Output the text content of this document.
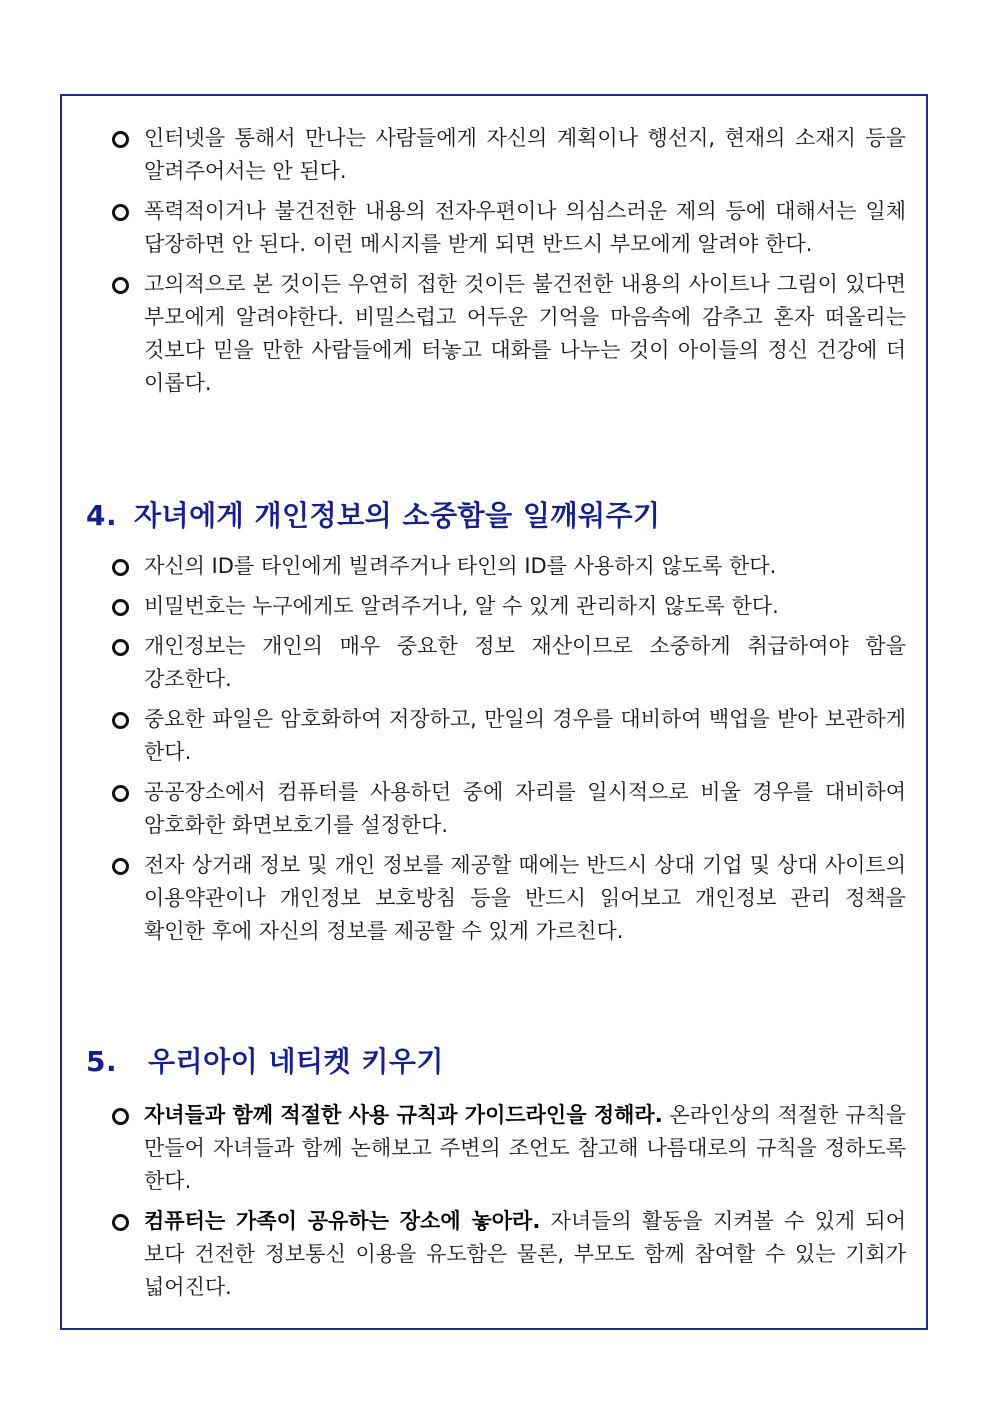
인터넷을 통해서 만나는 사람들에게 자신의 계획이나 행선지, 현재의 소재지 등을 알려주어서는 안 된다.
폭력적이거나 불건전한 내용의 전자우편이나 의심스러운 제의 등에 대해서는 일체 답장하면 안 된다. 이런 메시지를 받게 되면 반드시 부모에게 알려야 한다.
고의적으로 본 것이든 우연히 접한 것이든 불건전한 내용의 사이트나 그림이 있다면 부모에게 알려야한다. 비밀스럽고 어두운 기억을 마음속에 감추고 혼자 떠올리는 것보다 믿을 만한 사람들에게 터놓고 대화를 나누는 것이 아이들의 정신 건강에 더 이롭다.
4. 자녀에게 개인정보의 소중함을 일깨워주기
자신의 ID를 타인에게 빌려주거나 타인의 ID를 사용하지 않도록 한다.
비밀번호는 누구에게도 알려주거나, 알 수 있게 관리하지 않도록 한다.
개인정보는 개인의 매우 중요한 정보 재산이므로 소중하게 취급하여야 함을 강조한다.
중요한 파일은 암호화하여 저장하고, 만일의 경우를 대비하여 백업을 받아 보관하게 한다.
공공장소에서 컴퓨터를 사용하던 중에 자리를 일시적으로 비울 경우를 대비하여 암호화한 화면보호기를 설정한다.
전자 상거래 정보 및 개인 정보를 제공할 때에는 반드시 상대 기업 및 상대 사이트의 이용약관이나 개인정보 보호방침 등을 반드시 읽어보고 개인정보 관리 정책을 확인한 후에 자신의 정보를 제공할 수 있게 가르친다.
5. 우리아이 네티켓 키우기
자녀들과 함께 적절한 사용 규칙과 가이드라인을 정해라. 온라인상의 적절한 규칙을 만들어 자녀들과 함께 논해보고 주변의 조언도 참고해 나름대로의 규칙을 정하도록 한다.
컴퓨터는 가족이 공유하는 장소에 놓아라. 자녀들의 활동을 지켜볼 수 있게 되어 보다 건전한 정보통신 이용을 유도함은 물론, 부모도 함께 참여할 수 있는 기회가 넓어진다.
